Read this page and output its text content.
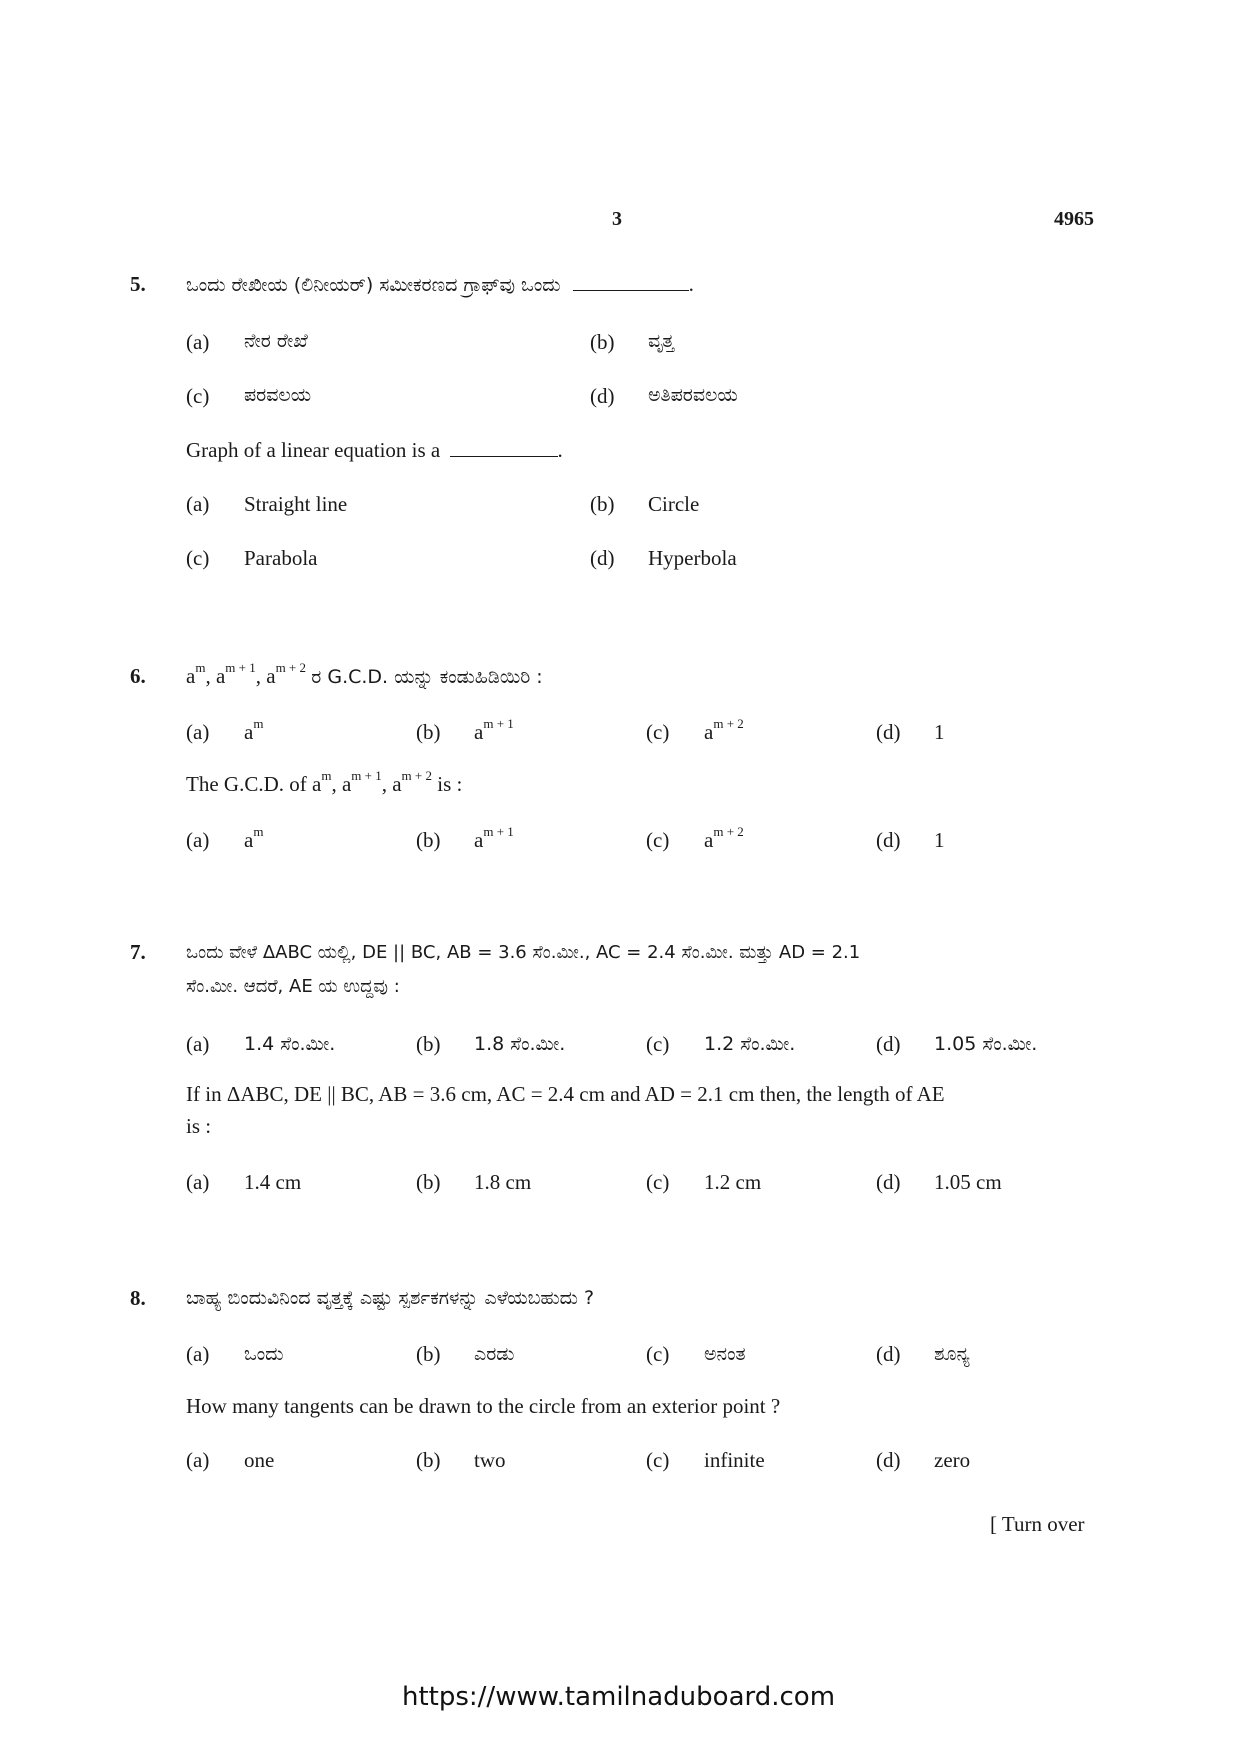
3	4965
5. ಒಂದು ರೇಖೀಯ (ಲಿನೀಯರ್) ಸಮೀಕರಣದ ಗ್ರಾಫ್‌ವು ಒಂದು	.
(a) ನೇರ ರೇಖೆ	(b) ವೃತ್ತ
(c) ಪರವಲಯ	(d) ಅತಿಪರವಲಯ
Graph of a linear equation is a	.
(a) Straight line	(b) Circle
(c) Parabola	(d) Hyperbola
6. $a^m$, $a^{m + 1}$, $a^{m + 2}$ ರ G.C.D. ಯನ್ನು ಕಂಡುಹಿಡಿಯಿರಿ :
(a) $a^m$	(b) $a^{m + 1}$	(c) $a^{m + 2}$	(d) 1
The G.C.D. of $a^m$, $a^{m + 1}$, $a^{m + 2}$ is :
(a) $a^m$	(b) $a^{m + 1}$	(c) $a^{m + 2}$	(d) 1
7. ಒಂದು ವೇಳೆ ΔABC ಯಲ್ಲಿ, DE || BC, AB = 3.6 ಸೆಂ.ಮೀ., AC = 2.4 ಸೆಂ.ಮೀ. ಮತ್ತು AD = 2.1
ಸೆಂ.ಮೀ. ಆದರೆ, AE ಯ ಉದ್ದವು :
(a) 1.4 ಸೆಂ.ಮೀ.	(b) 1.8 ಸೆಂ.ಮೀ.	(c) 1.2 ಸೆಂ.ಮೀ.	(d) 1.05 ಸೆಂ.ಮೀ.
If in ΔABC, DE || BC, AB = 3.6 cm, AC = 2.4 cm and AD = 2.1 cm then, the length of AE
is :
(a) 1.4 cm	(b) 1.8 cm	(c) 1.2 cm	(d) 1.05 cm
8. ಬಾಹ್ಯ ಬಿಂದುವಿನಿಂದ ವೃತ್ತಕ್ಕೆ ಎಷ್ಟು ಸ್ಪರ್ಶಕಗಳನ್ನು ಎಳೆಯಬಹುದು ?
(a) ಒಂದು	(b) ಎರಡು	(c) ಅನಂತ	(d) ಶೂನ್ಯ
How many tangents can be drawn to the circle from an exterior point ?
(a) one	(b) two	(c) infinite	(d) zero
[ Turn over
https://www.tamilnaduboard.com
